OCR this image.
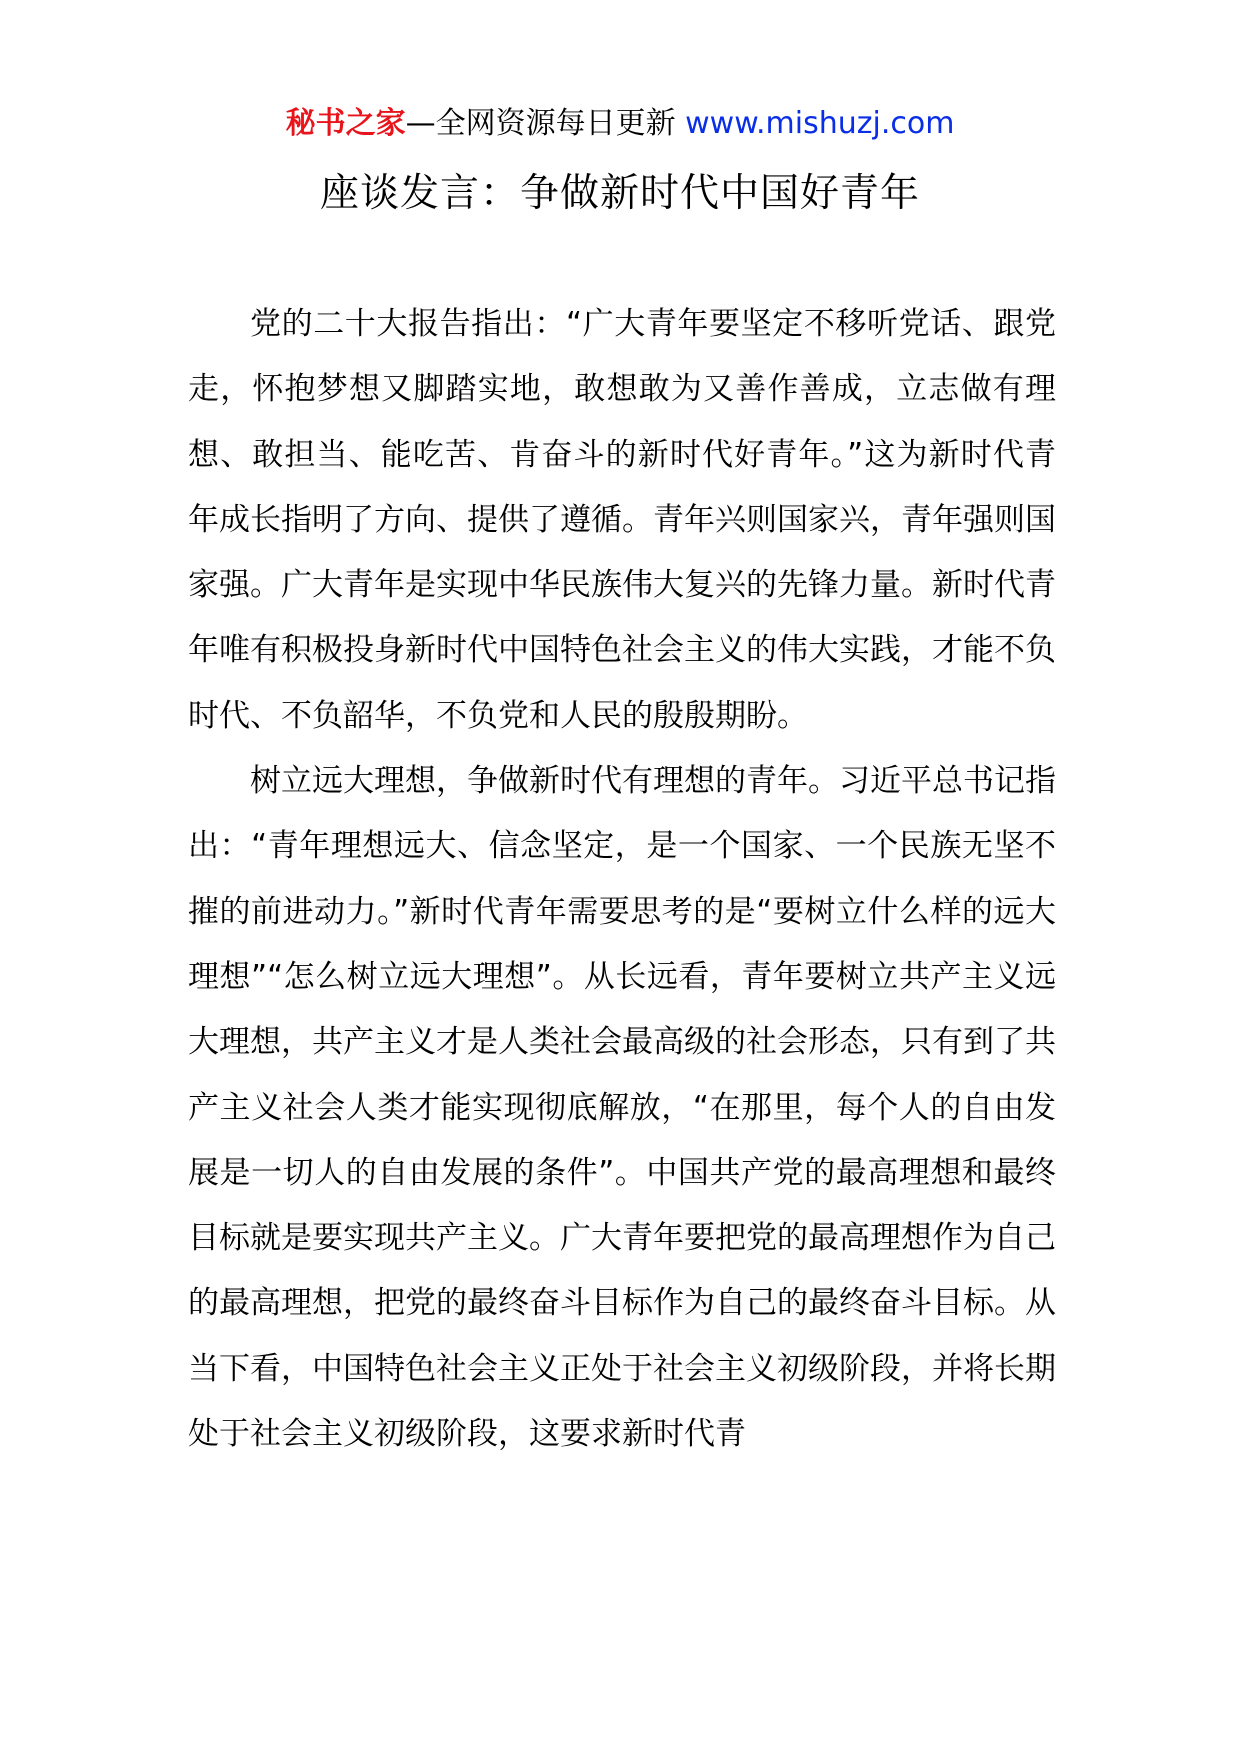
秘书之家—全网资源每日更新 www.mishuzj.com
座谈发言：争做新时代中国好青年

党的二十大报告指出：“广大青年要坚定不移听党话、跟党走，怀抱梦想又脚踏实地，敢想敢为又善作善成，立志做有理想、敢担当、能吃苦、肯奋斗的新时代好青年。”这为新时代青年成长指明了方向、提供了遵循。青年兴则国家兴，青年强则国家强。广大青年是实现中华民族伟大复兴的先锋力量。新时代青年唯有积极投身新时代中国特色社会主义的伟大实践，才能不负时代、不负韶华，不负党和人民的殷殷期盼。

树立远大理想，争做新时代有理想的青年。习近平总书记指出：“青年理想远大、信念坚定，是一个国家、一个民族无坚不摧的前进动力。”新时代青年需要思考的是“要树立什么样的远大理想”“怎么树立远大理想”。从长远看，青年要树立共产主义远大理想，共产主义才是人类社会最高级的社会形态，只有到了共产主义社会人类才能实现彻底解放，“在那里，每个人的自由发展是一切人的自由发展的条件”。中国共产党的最高理想和最终目标就是要实现共产主义。广大青年要把党的最高理想作为自己的最高理想，把党的最终奋斗目标作为自己的最终奋斗目标。从当下看，中国特色社会主义正处于社会主义初级阶段，并将长期处于社会主义初级阶段，这要求新时代青
